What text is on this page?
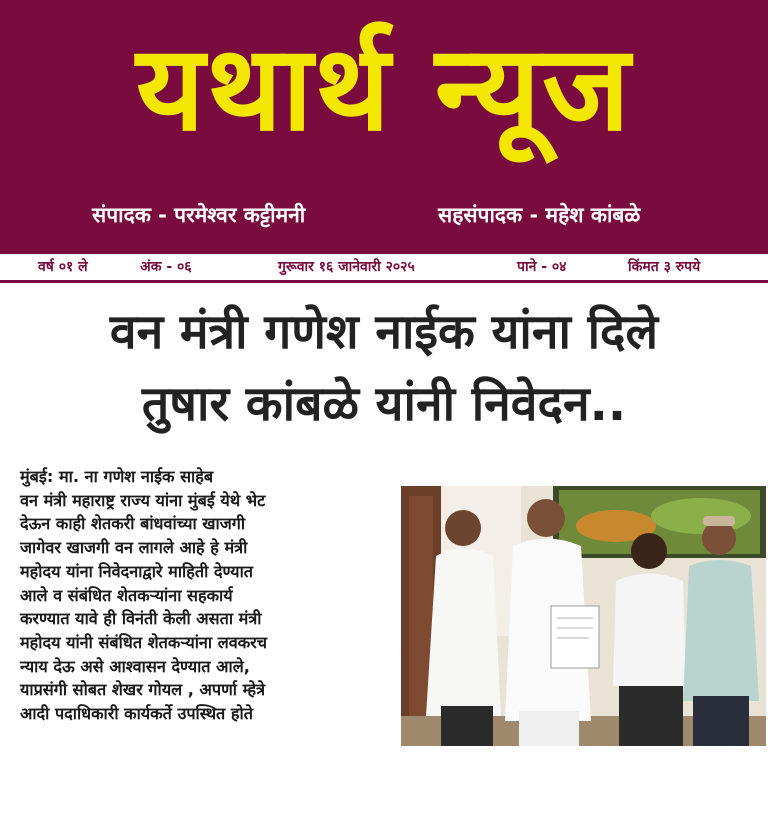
यथार्थ न्यूज
संपादक - परमेश्वर कट्टीमनी	सहसंपादक - महेश कांबळे
वर्ष ०१ ले	अंक - ०६	गुरूवार १६ जानेवारी २०२५	पाने - ०४	किंमत ३ रुपये
वन मंत्री गणेश नाईक यांना दिले
तुषार कांबळे यांनी निवेदन..
मुंबई: मा. ना गणेश नाईक साहेब
वन मंत्री महाराष्ट्र राज्य यांना मुंबई येथे भेट
देऊन काही शेतकरी बांधवांच्या खाजगी
जागेवर खाजगी वन लागले आहे हे मंत्री
महोदय यांना निवेदनाद्वारे माहिती देण्यात
आले व संबंधित शेतकऱ्यांना सहकार्य
करण्यात यावे ही विनंती केली असता मंत्री
महोदय यांनी संबंधित शेतकऱ्यांना लवकरच
न्याय देऊ असे आश्वासन देण्यात आले,
याप्रसंगी सोबत शेखर गोयल , अपर्णा म्हेत्रे
आदी पदाधिकारी कार्यकर्ते उपस्थित होते
